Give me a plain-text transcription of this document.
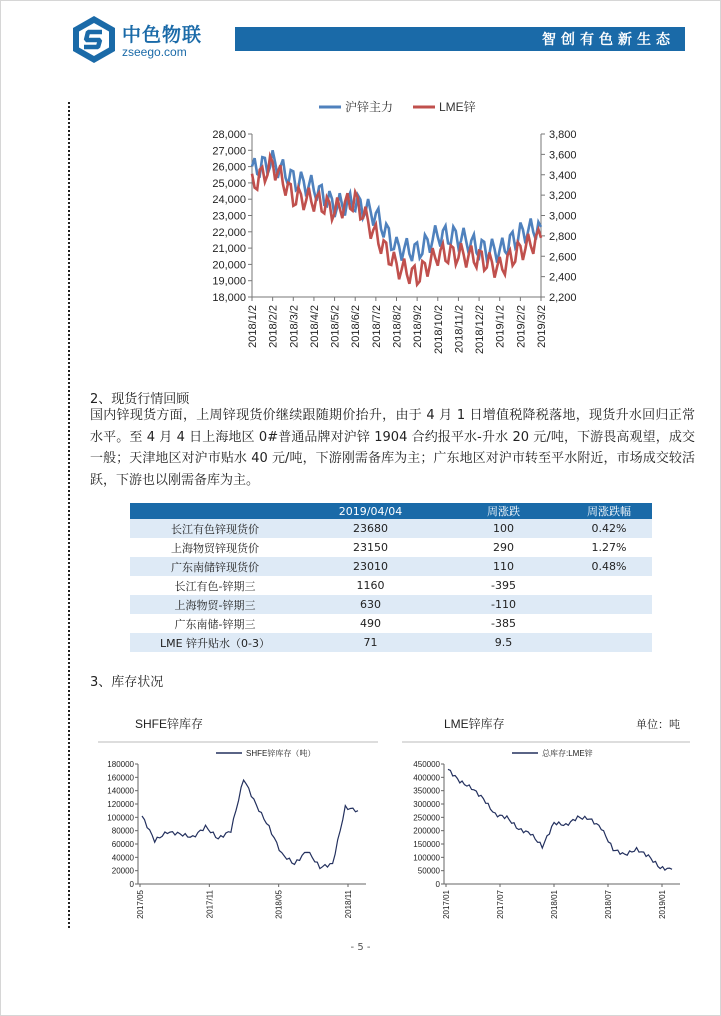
中色物联
zseego.com
智创有色新生态
沪锌主力	LME锌
28,000
27,000
26,000
25,000
24,000
23,000
22,000
21,000
20,000
19,000
18,000
3,800
3,600
3,400
3,200
3,000
2,800
2,600
2,400
2,200
2018/1/2 2018/2/2 2018/3/2 2018/4/2 2018/5/2 2018/6/2 2018/7/2 2018/8/2 2018/9/2 2018/10/2 2018/11/2 2018/12/2 2019/1/2 2019/2/2 2019/3/2
2、现货行情回顾
国内锌现货方面，上周锌现货价继续跟随期价抬升，由于 4 月 1 日增值税降税落地，现货升水回归正常水平。至 4 月 4 日上海地区 0#普通品牌对沪锌 1904 合约报平水-升水 20 元/吨，下游畏高观望，成交一般；天津地区对沪市贴水 40 元/吨，下游刚需备库为主；广东地区对沪市转至平水附近，市场成交较活跃，下游也以刚需备库为主。
	2019/04/04	周涨跌	周涨跌幅
长江有色锌现货价	23680	100	0.42%
上海物贸锌现货价	23150	290	1.27%
广东南储锌现货价	23010	110	0.48%
长江有色-锌期三	1160	-395	
上海物贸-锌期三	630	-110	
广东南储-锌期三	490	-385	
LME 锌升贴水（0-3）	71	9.5	
3、库存状况
SHFE锌库存
SHFE锌库存（吨）
180000
160000
140000
120000
100000
80000
60000
40000
20000
0
2017/05	2017/11	2018/05	2018/11
LME锌库存	单位：吨
总库存:LME锌
450000
400000
350000
300000
250000
200000
150000
100000
50000
0
2017/01	2017/07	2018/01	2018/07	2019/01
- 5 -
